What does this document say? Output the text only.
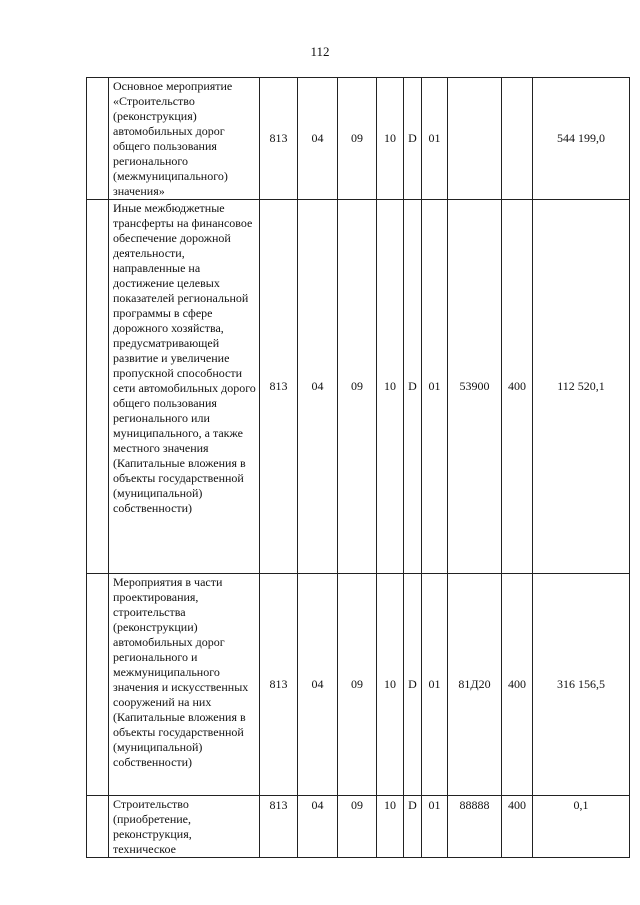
112
	Основное мероприятие «Строительство (реконструкция) автомобильных дорог общего пользования регионального (межмуниципального) значения»	813	04	09	10	D	01			544 199,0
	Иные межбюджетные трансферты на финансовое обеспечение дорожной деятельности, направленные на достижение целевых показателей региональной программы в сфере дорожного хозяйства, предусматривающей развитие и увеличение пропускной способности сети автомобильных дорого общего пользования регионального или муниципального, а также местного значения (Капитальные вложения в объекты государственной (муниципальной) собственности)	813	04	09	10	D	01	53900	400	112 520,1
	Мероприятия в части проектирования, строительства (реконструкции) автомобильных дорог регионального и межмуниципального значения и искусственных сооружений на них (Капитальные вложения в объекты государственной (муниципальной) собственности)	813	04	09	10	D	01	81Д20	400	316 156,5
	Строительство (приобретение, реконструкция, техническое	813	04	09	10	D	01	88888	400	0,1
